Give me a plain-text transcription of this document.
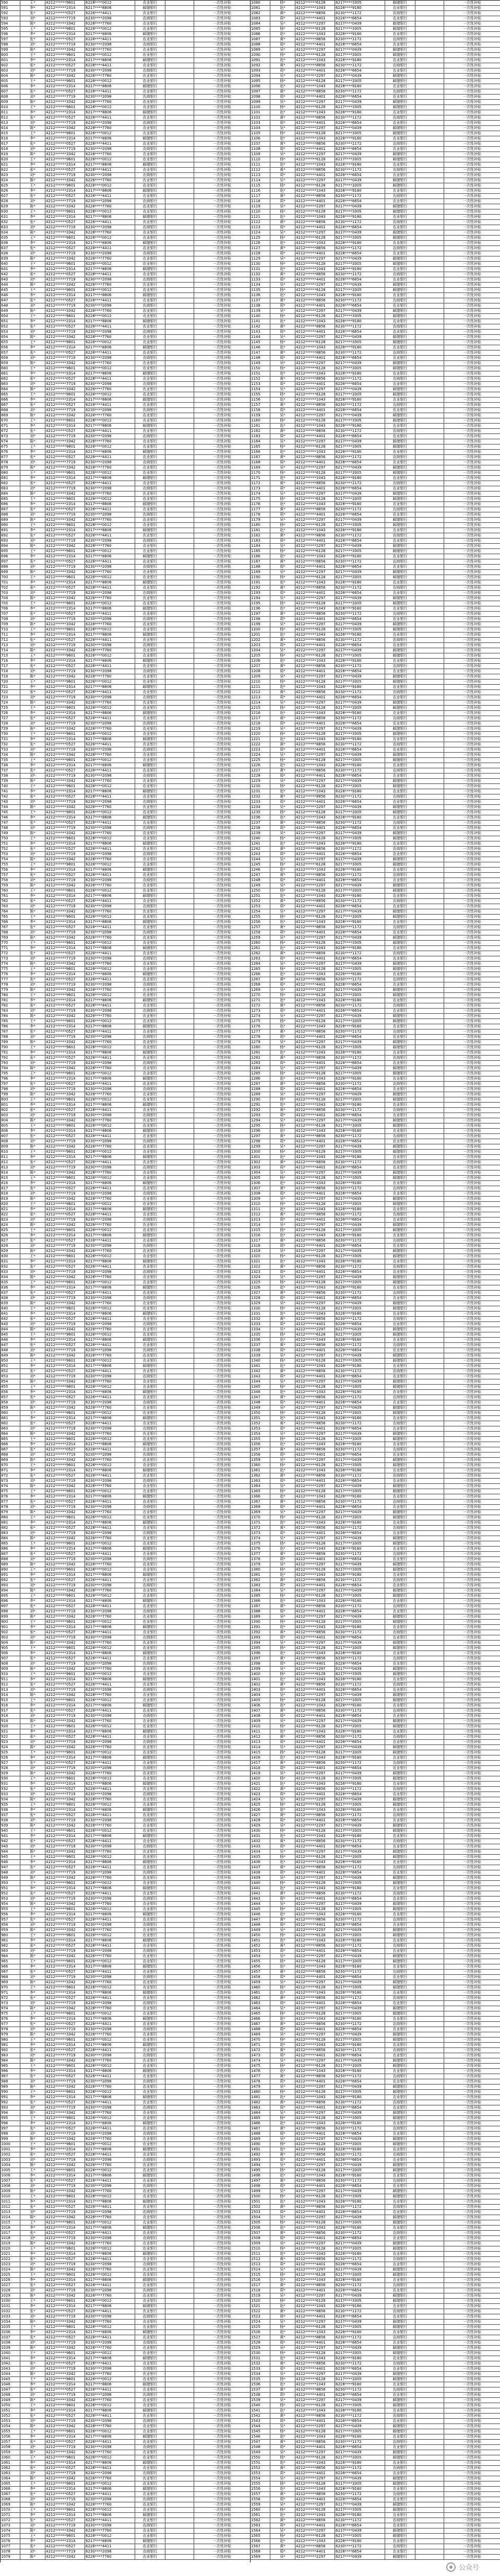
590	王*	4212******9601	6228****0012	农业银行	一次性补贴
591	李*	4212******2314	6217****8806	邮储银行	一次性补贴
592	张*	4212******0527	6228****4411	农业银行	一次性补贴
593	刘*	4212******7719	6230****2098	农商银行	一次性补贴
594	陈*	4212******3342	6228****7760	农业银行	一次性补贴
595	王*	4212******9601	6228****0012	农业银行	一次性补贴
596	李*	4212******2314	6217****8806	邮储银行	一次性补贴
597	张*	4212******0527	6228****4411	农业银行	一次性补贴
598	刘*	4212******7719	6230****2098	农商银行	一次性补贴
599	陈*	4212******3342	6228****7760	农业银行	一次性补贴
600	王*	4212******9601	6228****0012	农业银行	一次性补贴
601	李*	4212******2314	6217****8806	邮储银行	一次性补贴
602	张*	4212******0527	6228****4411	农业银行	一次性补贴
603	刘*	4212******7719	6230****2098	农商银行	一次性补贴
604	陈*	4212******3342	6228****7760	农业银行	一次性补贴
605	王*	4212******9601	6228****0012	农业银行	一次性补贴
606	李*	4212******2314	6217****8806	邮储银行	一次性补贴
607	张*	4212******0527	6228****4411	农业银行	一次性补贴
608	刘*	4212******7719	6230****2098	农商银行	一次性补贴
609	陈*	4212******3342	6228****7760	农业银行	一次性补贴
610	王*	4212******9601	6228****0012	农业银行	一次性补贴
611	李*	4212******2314	6217****8806	邮储银行	一次性补贴
612	张*	4212******0527	6228****4411	农业银行	一次性补贴
613	刘*	4212******7719	6230****2098	农商银行	一次性补贴
614	陈*	4212******3342	6228****7760	农业银行	一次性补贴
615	王*	4212******9601	6228****0012	农业银行	一次性补贴
616	李*	4212******2314	6217****8806	邮储银行	一次性补贴
617	张*	4212******0527	6228****4411	农业银行	一次性补贴
618	刘*	4212******7719	6230****2098	农商银行	一次性补贴
619	陈*	4212******3342	6228****7760	农业银行	一次性补贴
620	王*	4212******9601	6228****0012	农业银行	一次性补贴
621	李*	4212******2314	6217****8806	邮储银行	一次性补贴
622	张*	4212******0527	6228****4411	农业银行	一次性补贴
623	刘*	4212******7719	6230****2098	农商银行	一次性补贴
624	陈*	4212******3342	6228****7760	农业银行	一次性补贴
625	王*	4212******9601	6228****0012	农业银行	一次性补贴
626	李*	4212******2314	6217****8806	邮储银行	一次性补贴
627	张*	4212******0527	6228****4411	农业银行	一次性补贴
628	刘*	4212******7719	6230****2098	农商银行	一次性补贴
629	陈*	4212******3342	6228****7760	农业银行	一次性补贴
630	王*	4212******9601	6228****0012	农业银行	一次性补贴
631	李*	4212******2314	6217****8806	邮储银行	一次性补贴
632	张*	4212******0527	6228****4411	农业银行	一次性补贴
633	刘*	4212******7719	6230****2098	农商银行	一次性补贴
634	陈*	4212******3342	6228****7760	农业银行	一次性补贴
635	王*	4212******9601	6228****0012	农业银行	一次性补贴
636	李*	4212******2314	6217****8806	邮储银行	一次性补贴
637	张*	4212******0527	6228****4411	农业银行	一次性补贴
638	刘*	4212******7719	6230****2098	农商银行	一次性补贴
639	陈*	4212******3342	6228****7760	农业银行	一次性补贴
640	王*	4212******9601	6228****0012	农业银行	一次性补贴
641	李*	4212******2314	6217****8806	邮储银行	一次性补贴
642	张*	4212******0527	6228****4411	农业银行	一次性补贴
643	刘*	4212******7719	6230****2098	农商银行	一次性补贴
644	陈*	4212******3342	6228****7760	农业银行	一次性补贴
645	王*	4212******9601	6228****0012	农业银行	一次性补贴
646	李*	4212******2314	6217****8806	邮储银行	一次性补贴
647	张*	4212******0527	6228****4411	农业银行	一次性补贴
648	刘*	4212******7719	6230****2098	农商银行	一次性补贴
649	陈*	4212******3342	6228****7760	农业银行	一次性补贴
650	王*	4212******9601	6228****0012	农业银行	一次性补贴
651	李*	4212******2314	6217****8806	邮储银行	一次性补贴
652	张*	4212******0527	6228****4411	农业银行	一次性补贴
653	刘*	4212******7719	6230****2098	农商银行	一次性补贴
654	陈*	4212******3342	6228****7760	农业银行	一次性补贴
655	王*	4212******9601	6228****0012	农业银行	一次性补贴
656	李*	4212******2314	6217****8806	邮储银行	一次性补贴
657	张*	4212******0527	6228****4411	农业银行	一次性补贴
658	刘*	4212******7719	6230****2098	农商银行	一次性补贴
659	陈*	4212******3342	6228****7760	农业银行	一次性补贴
660	王*	4212******9601	6228****0012	农业银行	一次性补贴
661	李*	4212******2314	6217****8806	邮储银行	一次性补贴
662	张*	4212******0527	6228****4411	农业银行	一次性补贴
663	刘*	4212******7719	6230****2098	农商银行	一次性补贴
664	陈*	4212******3342	6228****7760	农业银行	一次性补贴
665	王*	4212******9601	6228****0012	农业银行	一次性补贴
666	李*	4212******2314	6217****8806	邮储银行	一次性补贴
667	张*	4212******0527	6228****4411	农业银行	一次性补贴
668	刘*	4212******7719	6230****2098	农商银行	一次性补贴
669	陈*	4212******3342	6228****7760	农业银行	一次性补贴
670	王*	4212******9601	6228****0012	农业银行	一次性补贴
671	李*	4212******2314	6217****8806	邮储银行	一次性补贴
672	张*	4212******0527	6228****4411	农业银行	一次性补贴
673	刘*	4212******7719	6230****2098	农商银行	一次性补贴
674	陈*	4212******3342	6228****7760	农业银行	一次性补贴
675	王*	4212******9601	6228****0012	农业银行	一次性补贴
676	李*	4212******2314	6217****8806	邮储银行	一次性补贴
677	张*	4212******0527	6228****4411	农业银行	一次性补贴
678	刘*	4212******7719	6230****2098	农商银行	一次性补贴
679	陈*	4212******3342	6228****7760	农业银行	一次性补贴
680	王*	4212******9601	6228****0012	农业银行	一次性补贴
681	李*	4212******2314	6217****8806	邮储银行	一次性补贴
682	张*	4212******0527	6228****4411	农业银行	一次性补贴
683	刘*	4212******7719	6230****2098	农商银行	一次性补贴
684	陈*	4212******3342	6228****7760	农业银行	一次性补贴
685	王*	4212******9601	6228****0012	农业银行	一次性补贴
686	李*	4212******2314	6217****8806	邮储银行	一次性补贴
687	张*	4212******0527	6228****4411	农业银行	一次性补贴
688	刘*	4212******7719	6230****2098	农商银行	一次性补贴
689	陈*	4212******3342	6228****7760	农业银行	一次性补贴
690	王*	4212******9601	6228****0012	农业银行	一次性补贴
691	李*	4212******2314	6217****8806	邮储银行	一次性补贴
692	张*	4212******0527	6228****4411	农业银行	一次性补贴
693	刘*	4212******7719	6230****2098	农商银行	一次性补贴
694	陈*	4212******3342	6228****7760	农业银行	一次性补贴
695	王*	4212******9601	6228****0012	农业银行	一次性补贴
696	李*	4212******2314	6217****8806	邮储银行	一次性补贴
697	张*	4212******0527	6228****4411	农业银行	一次性补贴
698	刘*	4212******7719	6230****2098	农商银行	一次性补贴
699	陈*	4212******3342	6228****7760	农业银行	一次性补贴
700	王*	4212******9601	6228****0012	农业银行	一次性补贴
701	李*	4212******2314	6217****8806	邮储银行	一次性补贴
702	张*	4212******0527	6228****4411	农业银行	一次性补贴
703	刘*	4212******7719	6230****2098	农商银行	一次性补贴
704	陈*	4212******3342	6228****7760	农业银行	一次性补贴
705	王*	4212******9601	6228****0012	农业银行	一次性补贴
706	李*	4212******2314	6217****8806	邮储银行	一次性补贴
707	张*	4212******0527	6228****4411	农业银行	一次性补贴
708	刘*	4212******7719	6230****2098	农商银行	一次性补贴
709	陈*	4212******3342	6228****7760	农业银行	一次性补贴
710	王*	4212******9601	6228****0012	农业银行	一次性补贴
711	李*	4212******2314	6217****8806	邮储银行	一次性补贴
712	张*	4212******0527	6228****4411	农业银行	一次性补贴
713	刘*	4212******7719	6230****2098	农商银行	一次性补贴
714	陈*	4212******3342	6228****7760	农业银行	一次性补贴
715	王*	4212******9601	6228****0012	农业银行	一次性补贴
716	李*	4212******2314	6217****8806	邮储银行	一次性补贴
717	张*	4212******0527	6228****4411	农业银行	一次性补贴
718	刘*	4212******7719	6230****2098	农商银行	一次性补贴
719	陈*	4212******3342	6228****7760	农业银行	一次性补贴
720	王*	4212******9601	6228****0012	农业银行	一次性补贴
721	李*	4212******2314	6217****8806	邮储银行	一次性补贴
722	张*	4212******0527	6228****4411	农业银行	一次性补贴
723	刘*	4212******7719	6230****2098	农商银行	一次性补贴
724	陈*	4212******3342	6228****7760	农业银行	一次性补贴
725	王*	4212******9601	6228****0012	农业银行	一次性补贴
726	李*	4212******2314	6217****8806	邮储银行	一次性补贴
727	张*	4212******0527	6228****4411	农业银行	一次性补贴
728	刘*	4212******7719	6230****2098	农商银行	一次性补贴
729	陈*	4212******3342	6228****7760	农业银行	一次性补贴
730	王*	4212******9601	6228****0012	农业银行	一次性补贴
731	李*	4212******2314	6217****8806	邮储银行	一次性补贴
732	张*	4212******0527	6228****4411	农业银行	一次性补贴
733	刘*	4212******7719	6230****2098	农商银行	一次性补贴
734	陈*	4212******3342	6228****7760	农业银行	一次性补贴
735	王*	4212******9601	6228****0012	农业银行	一次性补贴
736	李*	4212******2314	6217****8806	邮储银行	一次性补贴
737	张*	4212******0527	6228****4411	农业银行	一次性补贴
738	刘*	4212******7719	6230****2098	农商银行	一次性补贴
739	陈*	4212******3342	6228****7760	农业银行	一次性补贴
740	王*	4212******9601	6228****0012	农业银行	一次性补贴
741	李*	4212******2314	6217****8806	邮储银行	一次性补贴
742	张*	4212******0527	6228****4411	农业银行	一次性补贴
743	刘*	4212******7719	6230****2098	农商银行	一次性补贴
744	陈*	4212******3342	6228****7760	农业银行	一次性补贴
745	王*	4212******9601	6228****0012	农业银行	一次性补贴
746	李*	4212******2314	6217****8806	邮储银行	一次性补贴
747	张*	4212******0527	6228****4411	农业银行	一次性补贴
748	刘*	4212******7719	6230****2098	农商银行	一次性补贴
749	陈*	4212******3342	6228****7760	农业银行	一次性补贴
750	王*	4212******9601	6228****0012	农业银行	一次性补贴
751	李*	4212******2314	6217****8806	邮储银行	一次性补贴
752	张*	4212******0527	6228****4411	农业银行	一次性补贴
753	刘*	4212******7719	6230****2098	农商银行	一次性补贴
754	陈*	4212******3342	6228****7760	农业银行	一次性补贴
755	王*	4212******9601	6228****0012	农业银行	一次性补贴
756	李*	4212******2314	6217****8806	邮储银行	一次性补贴
757	张*	4212******0527	6228****4411	农业银行	一次性补贴
758	刘*	4212******7719	6230****2098	农商银行	一次性补贴
759	陈*	4212******3342	6228****7760	农业银行	一次性补贴
760	王*	4212******9601	6228****0012	农业银行	一次性补贴
761	李*	4212******2314	6217****8806	邮储银行	一次性补贴
762	张*	4212******0527	6228****4411	农业银行	一次性补贴
763	刘*	4212******7719	6230****2098	农商银行	一次性补贴
764	陈*	4212******3342	6228****7760	农业银行	一次性补贴
765	王*	4212******9601	6228****0012	农业银行	一次性补贴
766	李*	4212******2314	6217****8806	邮储银行	一次性补贴
767	张*	4212******0527	6228****4411	农业银行	一次性补贴
768	刘*	4212******7719	6230****2098	农商银行	一次性补贴
769	陈*	4212******3342	6228****7760	农业银行	一次性补贴
770	王*	4212******9601	6228****0012	农业银行	一次性补贴
771	李*	4212******2314	6217****8806	邮储银行	一次性补贴
772	张*	4212******0527	6228****4411	农业银行	一次性补贴
773	刘*	4212******7719	6230****2098	农商银行	一次性补贴
774	陈*	4212******3342	6228****7760	农业银行	一次性补贴
775	王*	4212******9601	6228****0012	农业银行	一次性补贴
776	李*	4212******2314	6217****8806	邮储银行	一次性补贴
777	张*	4212******0527	6228****4411	农业银行	一次性补贴
778	刘*	4212******7719	6230****2098	农商银行	一次性补贴
779	陈*	4212******3342	6228****7760	农业银行	一次性补贴
780	王*	4212******9601	6228****0012	农业银行	一次性补贴
781	李*	4212******2314	6217****8806	邮储银行	一次性补贴
782	张*	4212******0527	6228****4411	农业银行	一次性补贴
783	刘*	4212******7719	6230****2098	农商银行	一次性补贴
784	陈*	4212******3342	6228****7760	农业银行	一次性补贴
785	王*	4212******9601	6228****0012	农业银行	一次性补贴
786	李*	4212******2314	6217****8806	邮储银行	一次性补贴
787	张*	4212******0527	6228****4411	农业银行	一次性补贴
788	刘*	4212******7719	6230****2098	农商银行	一次性补贴
789	陈*	4212******3342	6228****7760	农业银行	一次性补贴
790	王*	4212******9601	6228****0012	农业银行	一次性补贴
791	李*	4212******2314	6217****8806	邮储银行	一次性补贴
792	张*	4212******0527	6228****4411	农业银行	一次性补贴
793	刘*	4212******7719	6230****2098	农商银行	一次性补贴
794	陈*	4212******3342	6228****7760	农业银行	一次性补贴
795	王*	4212******9601	6228****0012	农业银行	一次性补贴
796	李*	4212******2314	6217****8806	邮储银行	一次性补贴
797	张*	4212******0527	6228****4411	农业银行	一次性补贴
798	刘*	4212******7719	6230****2098	农商银行	一次性补贴
799	陈*	4212******3342	6228****7760	农业银行	一次性补贴
800	王*	4212******9601	6228****0012	农业银行	一次性补贴
801	李*	4212******2314	6217****8806	邮储银行	一次性补贴
802	张*	4212******0527	6228****4411	农业银行	一次性补贴
803	刘*	4212******7719	6230****2098	农商银行	一次性补贴
804	陈*	4212******3342	6228****7760	农业银行	一次性补贴
805	王*	4212******9601	6228****0012	农业银行	一次性补贴
806	李*	4212******2314	6217****8806	邮储银行	一次性补贴
807	张*	4212******0527	6228****4411	农业银行	一次性补贴
808	刘*	4212******7719	6230****2098	农商银行	一次性补贴
809	陈*	4212******3342	6228****7760	农业银行	一次性补贴
810	王*	4212******9601	6228****0012	农业银行	一次性补贴
811	李*	4212******2314	6217****8806	邮储银行	一次性补贴
812	张*	4212******0527	6228****4411	农业银行	一次性补贴
813	刘*	4212******7719	6230****2098	农商银行	一次性补贴
814	陈*	4212******3342	6228****7760	农业银行	一次性补贴
815	王*	4212******9601	6228****0012	农业银行	一次性补贴
816	李*	4212******2314	6217****8806	邮储银行	一次性补贴
817	张*	4212******0527	6228****4411	农业银行	一次性补贴
818	刘*	4212******7719	6230****2098	农商银行	一次性补贴
819	陈*	4212******3342	6228****7760	农业银行	一次性补贴
820	王*	4212******9601	6228****0012	农业银行	一次性补贴
821	李*	4212******2314	6217****8806	邮储银行	一次性补贴
822	张*	4212******0527	6228****4411	农业银行	一次性补贴
823	刘*	4212******7719	6230****2098	农商银行	一次性补贴
824	陈*	4212******3342	6228****7760	农业银行	一次性补贴
825	王*	4212******9601	6228****0012	农业银行	一次性补贴
826	李*	4212******2314	6217****8806	邮储银行	一次性补贴
827	张*	4212******0527	6228****4411	农业银行	一次性补贴
828	刘*	4212******7719	6230****2098	农商银行	一次性补贴
829	陈*	4212******3342	6228****7760	农业银行	一次性补贴
830	王*	4212******9601	6228****0012	农业银行	一次性补贴
831	李*	4212******2314	6217****8806	邮储银行	一次性补贴
832	张*	4212******0527	6228****4411	农业银行	一次性补贴
833	刘*	4212******7719	6230****2098	农商银行	一次性补贴
834	陈*	4212******3342	6228****7760	农业银行	一次性补贴
835	王*	4212******9601	6228****0012	农业银行	一次性补贴
836	李*	4212******2314	6217****8806	邮储银行	一次性补贴
837	张*	4212******0527	6228****4411	农业银行	一次性补贴
838	刘*	4212******7719	6230****2098	农商银行	一次性补贴
839	陈*	4212******3342	6228****7760	农业银行	一次性补贴
840	王*	4212******9601	6228****0012	农业银行	一次性补贴
841	李*	4212******2314	6217****8806	邮储银行	一次性补贴
842	张*	4212******0527	6228****4411	农业银行	一次性补贴
843	刘*	4212******7719	6230****2098	农商银行	一次性补贴
844	陈*	4212******3342	6228****7760	农业银行	一次性补贴
845	王*	4212******9601	6228****0012	农业银行	一次性补贴
846	李*	4212******2314	6217****8806	邮储银行	一次性补贴
847	张*	4212******0527	6228****4411	农业银行	一次性补贴
848	刘*	4212******7719	6230****2098	农商银行	一次性补贴
849	陈*	4212******3342	6228****7760	农业银行	一次性补贴
850	王*	4212******9601	6228****0012	农业银行	一次性补贴
851	李*	4212******2314	6217****8806	邮储银行	一次性补贴
852	张*	4212******0527	6228****4411	农业银行	一次性补贴
853	刘*	4212******7719	6230****2098	农商银行	一次性补贴
854	陈*	4212******3342	6228****7760	农业银行	一次性补贴
855	王*	4212******9601	6228****0012	农业银行	一次性补贴
856	李*	4212******2314	6217****8806	邮储银行	一次性补贴
857	张*	4212******0527	6228****4411	农业银行	一次性补贴
858	刘*	4212******7719	6230****2098	农商银行	一次性补贴
859	陈*	4212******3342	6228****7760	农业银行	一次性补贴
860	王*	4212******9601	6228****0012	农业银行	一次性补贴
861	李*	4212******2314	6217****8806	邮储银行	一次性补贴
862	张*	4212******0527	6228****4411	农业银行	一次性补贴
863	刘*	4212******7719	6230****2098	农商银行	一次性补贴
864	陈*	4212******3342	6228****7760	农业银行	一次性补贴
865	王*	4212******9601	6228****0012	农业银行	一次性补贴
866	李*	4212******2314	6217****8806	邮储银行	一次性补贴
867	张*	4212******0527	6228****4411	农业银行	一次性补贴
868	刘*	4212******7719	6230****2098	农商银行	一次性补贴
869	陈*	4212******3342	6228****7760	农业银行	一次性补贴
870	王*	4212******9601	6228****0012	农业银行	一次性补贴
871	李*	4212******2314	6217****8806	邮储银行	一次性补贴
872	张*	4212******0527	6228****4411	农业银行	一次性补贴
873	刘*	4212******7719	6230****2098	农商银行	一次性补贴
874	陈*	4212******3342	6228****7760	农业银行	一次性补贴
875	王*	4212******9601	6228****0012	农业银行	一次性补贴
876	李*	4212******2314	6217****8806	邮储银行	一次性补贴
877	张*	4212******0527	6228****4411	农业银行	一次性补贴
878	刘*	4212******7719	6230****2098	农商银行	一次性补贴
879	陈*	4212******3342	6228****7760	农业银行	一次性补贴
880	王*	4212******9601	6228****0012	农业银行	一次性补贴
881	李*	4212******2314	6217****8806	邮储银行	一次性补贴
882	张*	4212******0527	6228****4411	农业银行	一次性补贴
883	刘*	4212******7719	6230****2098	农商银行	一次性补贴
884	陈*	4212******3342	6228****7760	农业银行	一次性补贴
885	王*	4212******9601	6228****0012	农业银行	一次性补贴
886	李*	4212******2314	6217****8806	邮储银行	一次性补贴
887	张*	4212******0527	6228****4411	农业银行	一次性补贴
888	刘*	4212******7719	6230****2098	农商银行	一次性补贴
889	陈*	4212******3342	6228****7760	农业银行	一次性补贴
890	王*	4212******9601	6228****0012	农业银行	一次性补贴
891	李*	4212******2314	6217****8806	邮储银行	一次性补贴
892	张*	4212******0527	6228****4411	农业银行	一次性补贴
893	刘*	4212******7719	6230****2098	农商银行	一次性补贴
894	陈*	4212******3342	6228****7760	农业银行	一次性补贴
895	王*	4212******9601	6228****0012	农业银行	一次性补贴
896	李*	4212******2314	6217****8806	邮储银行	一次性补贴
897	张*	4212******0527	6228****4411	农业银行	一次性补贴
898	刘*	4212******7719	6230****2098	农商银行	一次性补贴
899	陈*	4212******3342	6228****7760	农业银行	一次性补贴
900	王*	4212******9601	6228****0012	农业银行	一次性补贴
901	李*	4212******2314	6217****8806	邮储银行	一次性补贴
902	张*	4212******0527	6228****4411	农业银行	一次性补贴
903	刘*	4212******7719	6230****2098	农商银行	一次性补贴
904	陈*	4212******3342	6228****7760	农业银行	一次性补贴
905	王*	4212******9601	6228****0012	农业银行	一次性补贴
906	李*	4212******2314	6217****8806	邮储银行	一次性补贴
907	张*	4212******0527	6228****4411	农业银行	一次性补贴
908	刘*	4212******7719	6230****2098	农商银行	一次性补贴
909	陈*	4212******3342	6228****7760	农业银行	一次性补贴
910	王*	4212******9601	6228****0012	农业银行	一次性补贴
911	李*	4212******2314	6217****8806	邮储银行	一次性补贴
912	张*	4212******0527	6228****4411	农业银行	一次性补贴
913	刘*	4212******7719	6230****2098	农商银行	一次性补贴
914	陈*	4212******3342	6228****7760	农业银行	一次性补贴
915	王*	4212******9601	6228****0012	农业银行	一次性补贴
916	李*	4212******2314	6217****8806	邮储银行	一次性补贴
917	张*	4212******0527	6228****4411	农业银行	一次性补贴
918	刘*	4212******7719	6230****2098	农商银行	一次性补贴
919	陈*	4212******3342	6228****7760	农业银行	一次性补贴
920	王*	4212******9601	6228****0012	农业银行	一次性补贴
921	李*	4212******2314	6217****8806	邮储银行	一次性补贴
922	张*	4212******0527	6228****4411	农业银行	一次性补贴
923	刘*	4212******7719	6230****2098	农商银行	一次性补贴
924	陈*	4212******3342	6228****7760	农业银行	一次性补贴
925	王*	4212******9601	6228****0012	农业银行	一次性补贴
926	李*	4212******2314	6217****8806	邮储银行	一次性补贴
927	张*	4212******0527	6228****4411	农业银行	一次性补贴
928	刘*	4212******7719	6230****2098	农商银行	一次性补贴
929	陈*	4212******3342	6228****7760	农业银行	一次性补贴
930	王*	4212******9601	6228****0012	农业银行	一次性补贴
931	李*	4212******2314	6217****8806	邮储银行	一次性补贴
932	张*	4212******0527	6228****4411	农业银行	一次性补贴
933	刘*	4212******7719	6230****2098	农商银行	一次性补贴
934	陈*	4212******3342	6228****7760	农业银行	一次性补贴
935	王*	4212******9601	6228****0012	农业银行	一次性补贴
936	李*	4212******2314	6217****8806	邮储银行	一次性补贴
937	张*	4212******0527	6228****4411	农业银行	一次性补贴
938	刘*	4212******7719	6230****2098	农商银行	一次性补贴
939	陈*	4212******3342	6228****7760	农业银行	一次性补贴
940	王*	4212******9601	6228****0012	农业银行	一次性补贴
941	李*	4212******2314	6217****8806	邮储银行	一次性补贴
942	张*	4212******0527	6228****4411	农业银行	一次性补贴
943	刘*	4212******7719	6230****2098	农商银行	一次性补贴
944	陈*	4212******3342	6228****7760	农业银行	一次性补贴
945	王*	4212******9601	6228****0012	农业银行	一次性补贴
946	李*	4212******2314	6217****8806	邮储银行	一次性补贴
947	张*	4212******0527	6228****4411	农业银行	一次性补贴
948	刘*	4212******7719	6230****2098	农商银行	一次性补贴
949	陈*	4212******3342	6228****7760	农业银行	一次性补贴
950	王*	4212******9601	6228****0012	农业银行	一次性补贴
951	李*	4212******2314	6217****8806	邮储银行	一次性补贴
952	张*	4212******0527	6228****4411	农业银行	一次性补贴
953	刘*	4212******7719	6230****2098	农商银行	一次性补贴
954	陈*	4212******3342	6228****7760	农业银行	一次性补贴
955	王*	4212******9601	6228****0012	农业银行	一次性补贴
956	李*	4212******2314	6217****8806	邮储银行	一次性补贴
957	张*	4212******0527	6228****4411	农业银行	一次性补贴
958	刘*	4212******7719	6230****2098	农商银行	一次性补贴
959	陈*	4212******3342	6228****7760	农业银行	一次性补贴
960	王*	4212******9601	6228****0012	农业银行	一次性补贴
961	李*	4212******2314	6217****8806	邮储银行	一次性补贴
962	张*	4212******0527	6228****4411	农业银行	一次性补贴
963	刘*	4212******7719	6230****2098	农商银行	一次性补贴
964	陈*	4212******3342	6228****7760	农业银行	一次性补贴
965	王*	4212******9601	6228****0012	农业银行	一次性补贴
966	李*	4212******2314	6217****8806	邮储银行	一次性补贴
967	张*	4212******0527	6228****4411	农业银行	一次性补贴
968	刘*	4212******7719	6230****2098	农商银行	一次性补贴
969	陈*	4212******3342	6228****7760	农业银行	一次性补贴
970	王*	4212******9601	6228****0012	农业银行	一次性补贴
971	李*	4212******2314	6217****8806	邮储银行	一次性补贴
972	张*	4212******0527	6228****4411	农业银行	一次性补贴
973	刘*	4212******7719	6230****2098	农商银行	一次性补贴
974	陈*	4212******3342	6228****7760	农业银行	一次性补贴
975	王*	4212******9601	6228****0012	农业银行	一次性补贴
976	李*	4212******2314	6217****8806	邮储银行	一次性补贴
977	张*	4212******0527	6228****4411	农业银行	一次性补贴
978	刘*	4212******7719	6230****2098	农商银行	一次性补贴
979	陈*	4212******3342	6228****7760	农业银行	一次性补贴
980	王*	4212******9601	6228****0012	农业银行	一次性补贴
981	李*	4212******2314	6217****8806	邮储银行	一次性补贴
982	张*	4212******0527	6228****4411	农业银行	一次性补贴
983	刘*	4212******7719	6230****2098	农商银行	一次性补贴
984	陈*	4212******3342	6228****7760	农业银行	一次性补贴
985	王*	4212******9601	6228****0012	农业银行	一次性补贴
986	李*	4212******2314	6217****8806	邮储银行	一次性补贴
987	张*	4212******0527	6228****4411	农业银行	一次性补贴
988	刘*	4212******7719	6230****2098	农商银行	一次性补贴
989	陈*	4212******3342	6228****7760	农业银行	一次性补贴
990	王*	4212******9601	6228****0012	农业银行	一次性补贴
991	李*	4212******2314	6217****8806	邮储银行	一次性补贴
992	张*	4212******0527	6228****4411	农业银行	一次性补贴
993	刘*	4212******7719	6230****2098	农商银行	一次性补贴
994	陈*	4212******3342	6228****7760	农业银行	一次性补贴
995	王*	4212******9601	6228****0012	农业银行	一次性补贴
996	李*	4212******2314	6217****8806	邮储银行	一次性补贴
997	张*	4212******0527	6228****4411	农业银行	一次性补贴
998	刘*	4212******7719	6230****2098	农商银行	一次性补贴
999	陈*	4212******3342	6228****7760	农业银行	一次性补贴
1000	王*	4212******9601	6228****0012	农业银行	一次性补贴
1001	李*	4212******2314	6217****8806	邮储银行	一次性补贴
1002	张*	4212******0527	6228****4411	农业银行	一次性补贴
1003	刘*	4212******7719	6230****2098	农商银行	一次性补贴
1004	陈*	4212******3342	6228****7760	农业银行	一次性补贴
1005	王*	4212******9601	6228****0012	农业银行	一次性补贴
1006	李*	4212******2314	6217****8806	邮储银行	一次性补贴
1007	张*	4212******0527	6228****4411	农业银行	一次性补贴
1008	刘*	4212******7719	6230****2098	农商银行	一次性补贴
1009	陈*	4212******3342	6228****7760	农业银行	一次性补贴
1010	王*	4212******9601	6228****0012	农业银行	一次性补贴
1011	李*	4212******2314	6217****8806	邮储银行	一次性补贴
1012	张*	4212******0527	6228****4411	农业银行	一次性补贴
1013	刘*	4212******7719	6230****2098	农商银行	一次性补贴
1014	陈*	4212******3342	6228****7760	农业银行	一次性补贴
1015	王*	4212******9601	6228****0012	农业银行	一次性补贴
1016	李*	4212******2314	6217****8806	邮储银行	一次性补贴
1017	张*	4212******0527	6228****4411	农业银行	一次性补贴
1018	刘*	4212******7719	6230****2098	农商银行	一次性补贴
1019	陈*	4212******3342	6228****7760	农业银行	一次性补贴
1020	王*	4212******9601	6228****0012	农业银行	一次性补贴
1021	李*	4212******2314	6217****8806	邮储银行	一次性补贴
1022	张*	4212******0527	6228****4411	农业银行	一次性补贴
1023	刘*	4212******7719	6230****2098	农商银行	一次性补贴
1024	陈*	4212******3342	6228****7760	农业银行	一次性补贴
1025	王*	4212******9601	6228****0012	农业银行	一次性补贴
1026	李*	4212******2314	6217****8806	邮储银行	一次性补贴
1027	张*	4212******0527	6228****4411	农业银行	一次性补贴
1028	刘*	4212******7719	6230****2098	农商银行	一次性补贴
1029	陈*	4212******3342	6228****7760	农业银行	一次性补贴
1030	王*	4212******9601	6228****0012	农业银行	一次性补贴
1031	李*	4212******2314	6217****8806	邮储银行	一次性补贴
1032	张*	4212******0527	6228****4411	农业银行	一次性补贴
1033	刘*	4212******7719	6230****2098	农商银行	一次性补贴
1034	陈*	4212******3342	6228****7760	农业银行	一次性补贴
1035	王*	4212******9601	6228****0012	农业银行	一次性补贴
1036	李*	4212******2314	6217****8806	邮储银行	一次性补贴
1037	张*	4212******0527	6228****4411	农业银行	一次性补贴
1038	刘*	4212******7719	6230****2098	农商银行	一次性补贴
1039	陈*	4212******3342	6228****7760	农业银行	一次性补贴
1040	王*	4212******9601	6228****0012	农业银行	一次性补贴
1041	李*	4212******2314	6217****8806	邮储银行	一次性补贴
1042	张*	4212******0527	6228****4411	农业银行	一次性补贴
1043	刘*	4212******7719	6230****2098	农商银行	一次性补贴
1044	陈*	4212******3342	6228****7760	农业银行	一次性补贴
1045	王*	4212******9601	6228****0012	农业银行	一次性补贴
1046	李*	4212******2314	6217****8806	邮储银行	一次性补贴
1047	张*	4212******0527	6228****4411	农业银行	一次性补贴
1048	刘*	4212******7719	6230****2098	农商银行	一次性补贴
1049	陈*	4212******3342	6228****7760	农业银行	一次性补贴
1050	王*	4212******9601	6228****0012	农业银行	一次性补贴
1051	李*	4212******2314	6217****8806	邮储银行	一次性补贴
1052	张*	4212******0527	6228****4411	农业银行	一次性补贴
1053	刘*	4212******7719	6230****2098	农商银行	一次性补贴
1054	陈*	4212******3342	6228****7760	农业银行	一次性补贴
1055	王*	4212******9601	6228****0012	农业银行	一次性补贴
1056	李*	4212******2314	6217****8806	邮储银行	一次性补贴
1057	张*	4212******0527	6228****4411	农业银行	一次性补贴
1058	刘*	4212******7719	6230****2098	农商银行	一次性补贴
1059	陈*	4212******3342	6228****7760	农业银行	一次性补贴
1060	王*	4212******9601	6228****0012	农业银行	一次性补贴
1061	李*	4212******2314	6217****8806	邮储银行	一次性补贴
1062	张*	4212******0527	6228****4411	农业银行	一次性补贴
1063	刘*	4212******7719	6230****2098	农商银行	一次性补贴
1064	陈*	4212******3342	6228****7760	农业银行	一次性补贴
1065	王*	4212******9601	6228****0012	农业银行	一次性补贴
1066	李*	4212******2314	6217****8806	邮储银行	一次性补贴
1067	张*	4212******0527	6228****4411	农业银行	一次性补贴
1068	刘*	4212******7719	6230****2098	农商银行	一次性补贴
1069	陈*	4212******3342	6228****7760	农业银行	一次性补贴
1070	王*	4212******9601	6228****0012	农业银行	一次性补贴
1071	李*	4212******2314	6217****8806	邮储银行	一次性补贴
1072	张*	4212******0527	6228****4411	农业银行	一次性补贴
1073	刘*	4212******7719	6230****2098	农商银行	一次性补贴
1074	陈*	4212******3342	6228****7760	农业银行	一次性补贴
1075	王*	4212******9601	6228****0012	农业银行	一次性补贴
1076	李*	4212******2314	6217****8806	邮储银行	一次性补贴
1077	张*	4212******0527	6228****4411	农业银行	一次性补贴
1078	刘*	4212******7719	6230****2098	农商银行	一次性补贴
1079	陈*	4212******3342	6228****7760	农业银行	一次性补贴
1080	杨*	4212******6128	6217****3305	邮储银行	一次性补贴
1081	赵*	4212******1043	6228****9180	农业银行	一次性补贴
1082	黄*	4212******8856	6230****1172	农商银行	一次性补贴
1083	周*	4212******4401	6228****6654	农业银行	一次性补贴
1084	吴*	4212******2297	6217****0439	邮储银行	一次性补贴
1085	杨*	4212******6128	6217****3305	邮储银行	一次性补贴
1086	赵*	4212******1043	6228****9180	农业银行	一次性补贴
1087	黄*	4212******8856	6230****1172	农商银行	一次性补贴
1088	周*	4212******4401	6228****6654	农业银行	一次性补贴
1089	吴*	4212******2297	6217****0439	邮储银行	一次性补贴
1090	杨*	4212******6128	6217****3305	邮储银行	一次性补贴
1091	赵*	4212******1043	6228****9180	农业银行	一次性补贴
1092	黄*	4212******8856	6230****1172	农商银行	一次性补贴
1093	周*	4212******4401	6228****6654	农业银行	一次性补贴
1094	吴*	4212******2297	6217****0439	邮储银行	一次性补贴
1095	杨*	4212******6128	6217****3305	邮储银行	一次性补贴
1096	赵*	4212******1043	6228****9180	农业银行	一次性补贴
1097	黄*	4212******8856	6230****1172	农商银行	一次性补贴
1098	周*	4212******4401	6228****6654	农业银行	一次性补贴
1099	吴*	4212******2297	6217****0439	邮储银行	一次性补贴
1100	杨*	4212******6128	6217****3305	邮储银行	一次性补贴
1101	赵*	4212******1043	6228****9180	农业银行	一次性补贴
1102	黄*	4212******8856	6230****1172	农商银行	一次性补贴
1103	周*	4212******4401	6228****6654	农业银行	一次性补贴
1104	吴*	4212******2297	6217****0439	邮储银行	一次性补贴
1105	杨*	4212******6128	6217****3305	邮储银行	一次性补贴
1106	赵*	4212******1043	6228****9180	农业银行	一次性补贴
1107	黄*	4212******8856	6230****1172	农商银行	一次性补贴
1108	周*	4212******4401	6228****6654	农业银行	一次性补贴
1109	吴*	4212******2297	6217****0439	邮储银行	一次性补贴
1110	杨*	4212******6128	6217****3305	邮储银行	一次性补贴
1111	赵*	4212******1043	6228****9180	农业银行	一次性补贴
1112	黄*	4212******8856	6230****1172	农商银行	一次性补贴
1113	周*	4212******4401	6228****6654	农业银行	一次性补贴
1114	吴*	4212******2297	6217****0439	邮储银行	一次性补贴
1115	杨*	4212******6128	6217****3305	邮储银行	一次性补贴
1116	赵*	4212******1043	6228****9180	农业银行	一次性补贴
1117	黄*	4212******8856	6230****1172	农商银行	一次性补贴
1118	周*	4212******4401	6228****6654	农业银行	一次性补贴
1119	吴*	4212******2297	6217****0439	邮储银行	一次性补贴
1120	杨*	4212******6128	6217****3305	邮储银行	一次性补贴
1121	赵*	4212******1043	6228****9180	农业银行	一次性补贴
1122	黄*	4212******8856	6230****1172	农商银行	一次性补贴
1123	周*	4212******4401	6228****6654	农业银行	一次性补贴
1124	吴*	4212******2297	6217****0439	邮储银行	一次性补贴
1125	杨*	4212******6128	6217****3305	邮储银行	一次性补贴
1126	赵*	4212******1043	6228****9180	农业银行	一次性补贴
1127	黄*	4212******8856	6230****1172	农商银行	一次性补贴
1128	周*	4212******4401	6228****6654	农业银行	一次性补贴
1129	吴*	4212******2297	6217****0439	邮储银行	一次性补贴
1130	杨*	4212******6128	6217****3305	邮储银行	一次性补贴
1131	赵*	4212******1043	6228****9180	农业银行	一次性补贴
1132	黄*	4212******8856	6230****1172	农商银行	一次性补贴
1133	周*	4212******4401	6228****6654	农业银行	一次性补贴
1134	吴*	4212******2297	6217****0439	邮储银行	一次性补贴
1135	杨*	4212******6128	6217****3305	邮储银行	一次性补贴
1136	赵*	4212******1043	6228****9180	农业银行	一次性补贴
1137	黄*	4212******8856	6230****1172	农商银行	一次性补贴
1138	周*	4212******4401	6228****6654	农业银行	一次性补贴
1139	吴*	4212******2297	6217****0439	邮储银行	一次性补贴
1140	杨*	4212******6128	6217****3305	邮储银行	一次性补贴
1141	赵*	4212******1043	6228****9180	农业银行	一次性补贴
1142	黄*	4212******8856	6230****1172	农商银行	一次性补贴
1143	周*	4212******4401	6228****6654	农业银行	一次性补贴
1144	吴*	4212******2297	6217****0439	邮储银行	一次性补贴
1145	杨*	4212******6128	6217****3305	邮储银行	一次性补贴
1146	赵*	4212******1043	6228****9180	农业银行	一次性补贴
1147	黄*	4212******8856	6230****1172	农商银行	一次性补贴
1148	周*	4212******4401	6228****6654	农业银行	一次性补贴
1149	吴*	4212******2297	6217****0439	邮储银行	一次性补贴
1150	杨*	4212******6128	6217****3305	邮储银行	一次性补贴
1151	赵*	4212******1043	6228****9180	农业银行	一次性补贴
1152	黄*	4212******8856	6230****1172	农商银行	一次性补贴
1153	周*	4212******4401	6228****6654	农业银行	一次性补贴
1154	吴*	4212******2297	6217****0439	邮储银行	一次性补贴
1155	杨*	4212******6128	6217****3305	邮储银行	一次性补贴
1156	赵*	4212******1043	6228****9180	农业银行	一次性补贴
1157	黄*	4212******8856	6230****1172	农商银行	一次性补贴
1158	周*	4212******4401	6228****6654	农业银行	一次性补贴
1159	吴*	4212******2297	6217****0439	邮储银行	一次性补贴
1160	杨*	4212******6128	6217****3305	邮储银行	一次性补贴
1161	赵*	4212******1043	6228****9180	农业银行	一次性补贴
1162	黄*	4212******8856	6230****1172	农商银行	一次性补贴
1163	周*	4212******4401	6228****6654	农业银行	一次性补贴
1164	吴*	4212******2297	6217****0439	邮储银行	一次性补贴
1165	杨*	4212******6128	6217****3305	邮储银行	一次性补贴
1166	赵*	4212******1043	6228****9180	农业银行	一次性补贴
1167	黄*	4212******8856	6230****1172	农商银行	一次性补贴
1168	周*	4212******4401	6228****6654	农业银行	一次性补贴
1169	吴*	4212******2297	6217****0439	邮储银行	一次性补贴
1170	杨*	4212******6128	6217****3305	邮储银行	一次性补贴
1171	赵*	4212******1043	6228****9180	农业银行	一次性补贴
1172	黄*	4212******8856	6230****1172	农商银行	一次性补贴
1173	周*	4212******4401	6228****6654	农业银行	一次性补贴
1174	吴*	4212******2297	6217****0439	邮储银行	一次性补贴
1175	杨*	4212******6128	6217****3305	邮储银行	一次性补贴
1176	赵*	4212******1043	6228****9180	农业银行	一次性补贴
1177	黄*	4212******8856	6230****1172	农商银行	一次性补贴
1178	周*	4212******4401	6228****6654	农业银行	一次性补贴
1179	吴*	4212******2297	6217****0439	邮储银行	一次性补贴
1180	杨*	4212******6128	6217****3305	邮储银行	一次性补贴
1181	赵*	4212******1043	6228****9180	农业银行	一次性补贴
1182	黄*	4212******8856	6230****1172	农商银行	一次性补贴
1183	周*	4212******4401	6228****6654	农业银行	一次性补贴
1184	吴*	4212******2297	6217****0439	邮储银行	一次性补贴
1185	杨*	4212******6128	6217****3305	邮储银行	一次性补贴
1186	赵*	4212******1043	6228****9180	农业银行	一次性补贴
1187	黄*	4212******8856	6230****1172	农商银行	一次性补贴
1188	周*	4212******4401	6228****6654	农业银行	一次性补贴
1189	吴*	4212******2297	6217****0439	邮储银行	一次性补贴
1190	杨*	4212******6128	6217****3305	邮储银行	一次性补贴
1191	赵*	4212******1043	6228****9180	农业银行	一次性补贴
1192	黄*	4212******8856	6230****1172	农商银行	一次性补贴
1193	周*	4212******4401	6228****6654	农业银行	一次性补贴
1194	吴*	4212******2297	6217****0439	邮储银行	一次性补贴
1195	杨*	4212******6128	6217****3305	邮储银行	一次性补贴
1196	赵*	4212******1043	6228****9180	农业银行	一次性补贴
1197	黄*	4212******8856	6230****1172	农商银行	一次性补贴
1198	周*	4212******4401	6228****6654	农业银行	一次性补贴
1199	吴*	4212******2297	6217****0439	邮储银行	一次性补贴
1200	杨*	4212******6128	6217****3305	邮储银行	一次性补贴
1201	赵*	4212******1043	6228****9180	农业银行	一次性补贴
1202	黄*	4212******8856	6230****1172	农商银行	一次性补贴
1203	周*	4212******4401	6228****6654	农业银行	一次性补贴
1204	吴*	4212******2297	6217****0439	邮储银行	一次性补贴
1205	杨*	4212******6128	6217****3305	邮储银行	一次性补贴
1206	赵*	4212******1043	6228****9180	农业银行	一次性补贴
1207	黄*	4212******8856	6230****1172	农商银行	一次性补贴
1208	周*	4212******4401	6228****6654	农业银行	一次性补贴
1209	吴*	4212******2297	6217****0439	邮储银行	一次性补贴
1210	杨*	4212******6128	6217****3305	邮储银行	一次性补贴
1211	赵*	4212******1043	6228****9180	农业银行	一次性补贴
1212	黄*	4212******8856	6230****1172	农商银行	一次性补贴
1213	周*	4212******4401	6228****6654	农业银行	一次性补贴
1214	吴*	4212******2297	6217****0439	邮储银行	一次性补贴
1215	杨*	4212******6128	6217****3305	邮储银行	一次性补贴
1216	赵*	4212******1043	6228****9180	农业银行	一次性补贴
1217	黄*	4212******8856	6230****1172	农商银行	一次性补贴
1218	周*	4212******4401	6228****6654	农业银行	一次性补贴
1219	吴*	4212******2297	6217****0439	邮储银行	一次性补贴
1220	杨*	4212******6128	6217****3305	邮储银行	一次性补贴
1221	赵*	4212******1043	6228****9180	农业银行	一次性补贴
1222	黄*	4212******8856	6230****1172	农商银行	一次性补贴
1223	周*	4212******4401	6228****6654	农业银行	一次性补贴
1224	吴*	4212******2297	6217****0439	邮储银行	一次性补贴
1225	杨*	4212******6128	6217****3305	邮储银行	一次性补贴
1226	赵*	4212******1043	6228****9180	农业银行	一次性补贴
1227	黄*	4212******8856	6230****1172	农商银行	一次性补贴
1228	周*	4212******4401	6228****6654	农业银行	一次性补贴
1229	吴*	4212******2297	6217****0439	邮储银行	一次性补贴
1230	杨*	4212******6128	6217****3305	邮储银行	一次性补贴
1231	赵*	4212******1043	6228****9180	农业银行	一次性补贴
1232	黄*	4212******8856	6230****1172	农商银行	一次性补贴
1233	周*	4212******4401	6228****6654	农业银行	一次性补贴
1234	吴*	4212******2297	6217****0439	邮储银行	一次性补贴
1235	杨*	4212******6128	6217****3305	邮储银行	一次性补贴
1236	赵*	4212******1043	6228****9180	农业银行	一次性补贴
1237	黄*	4212******8856	6230****1172	农商银行	一次性补贴
1238	周*	4212******4401	6228****6654	农业银行	一次性补贴
1239	吴*	4212******2297	6217****0439	邮储银行	一次性补贴
1240	杨*	4212******6128	6217****3305	邮储银行	一次性补贴
1241	赵*	4212******1043	6228****9180	农业银行	一次性补贴
1242	黄*	4212******8856	6230****1172	农商银行	一次性补贴
1243	周*	4212******4401	6228****6654	农业银行	一次性补贴
1244	吴*	4212******2297	6217****0439	邮储银行	一次性补贴
1245	杨*	4212******6128	6217****3305	邮储银行	一次性补贴
1246	赵*	4212******1043	6228****9180	农业银行	一次性补贴
1247	黄*	4212******8856	6230****1172	农商银行	一次性补贴
1248	周*	4212******4401	6228****6654	农业银行	一次性补贴
1249	吴*	4212******2297	6217****0439	邮储银行	一次性补贴
1250	杨*	4212******6128	6217****3305	邮储银行	一次性补贴
1251	赵*	4212******1043	6228****9180	农业银行	一次性补贴
1252	黄*	4212******8856	6230****1172	农商银行	一次性补贴
1253	周*	4212******4401	6228****6654	农业银行	一次性补贴
1254	吴*	4212******2297	6217****0439	邮储银行	一次性补贴
1255	杨*	4212******6128	6217****3305	邮储银行	一次性补贴
1256	赵*	4212******1043	6228****9180	农业银行	一次性补贴
1257	黄*	4212******8856	6230****1172	农商银行	一次性补贴
1258	周*	4212******4401	6228****6654	农业银行	一次性补贴
1259	吴*	4212******2297	6217****0439	邮储银行	一次性补贴
1260	杨*	4212******6128	6217****3305	邮储银行	一次性补贴
1261	赵*	4212******1043	6228****9180	农业银行	一次性补贴
1262	黄*	4212******8856	6230****1172	农商银行	一次性补贴
1263	周*	4212******4401	6228****6654	农业银行	一次性补贴
1264	吴*	4212******2297	6217****0439	邮储银行	一次性补贴
1265	杨*	4212******6128	6217****3305	邮储银行	一次性补贴
1266	赵*	4212******1043	6228****9180	农业银行	一次性补贴
1267	黄*	4212******8856	6230****1172	农商银行	一次性补贴
1268	周*	4212******4401	6228****6654	农业银行	一次性补贴
1269	吴*	4212******2297	6217****0439	邮储银行	一次性补贴
1270	杨*	4212******6128	6217****3305	邮储银行	一次性补贴
1271	赵*	4212******1043	6228****9180	农业银行	一次性补贴
1272	黄*	4212******8856	6230****1172	农商银行	一次性补贴
1273	周*	4212******4401	6228****6654	农业银行	一次性补贴
1274	吴*	4212******2297	6217****0439	邮储银行	一次性补贴
1275	杨*	4212******6128	6217****3305	邮储银行	一次性补贴
1276	赵*	4212******1043	6228****9180	农业银行	一次性补贴
1277	黄*	4212******8856	6230****1172	农商银行	一次性补贴
1278	周*	4212******4401	6228****6654	农业银行	一次性补贴
1279	吴*	4212******2297	6217****0439	邮储银行	一次性补贴
1280	杨*	4212******6128	6217****3305	邮储银行	一次性补贴
1281	赵*	4212******1043	6228****9180	农业银行	一次性补贴
1282	黄*	4212******8856	6230****1172	农商银行	一次性补贴
1283	周*	4212******4401	6228****6654	农业银行	一次性补贴
1284	吴*	4212******2297	6217****0439	邮储银行	一次性补贴
1285	杨*	4212******6128	6217****3305	邮储银行	一次性补贴
1286	赵*	4212******1043	6228****9180	农业银行	一次性补贴
1287	黄*	4212******8856	6230****1172	农商银行	一次性补贴
1288	周*	4212******4401	6228****6654	农业银行	一次性补贴
1289	吴*	4212******2297	6217****0439	邮储银行	一次性补贴
1290	杨*	4212******6128	6217****3305	邮储银行	一次性补贴
1291	赵*	4212******1043	6228****9180	农业银行	一次性补贴
1292	黄*	4212******8856	6230****1172	农商银行	一次性补贴
1293	周*	4212******4401	6228****6654	农业银行	一次性补贴
1294	吴*	4212******2297	6217****0439	邮储银行	一次性补贴
1295	杨*	4212******6128	6217****3305	邮储银行	一次性补贴
1296	赵*	4212******1043	6228****9180	农业银行	一次性补贴
1297	黄*	4212******8856	6230****1172	农商银行	一次性补贴
1298	周*	4212******4401	6228****6654	农业银行	一次性补贴
1299	吴*	4212******2297	6217****0439	邮储银行	一次性补贴
1300	杨*	4212******6128	6217****3305	邮储银行	一次性补贴
1301	赵*	4212******1043	6228****9180	农业银行	一次性补贴
1302	黄*	4212******8856	6230****1172	农商银行	一次性补贴
1303	周*	4212******4401	6228****6654	农业银行	一次性补贴
1304	吴*	4212******2297	6217****0439	邮储银行	一次性补贴
1305	杨*	4212******6128	6217****3305	邮储银行	一次性补贴
1306	赵*	4212******1043	6228****9180	农业银行	一次性补贴
1307	黄*	4212******8856	6230****1172	农商银行	一次性补贴
1308	周*	4212******4401	6228****6654	农业银行	一次性补贴
1309	吴*	4212******2297	6217****0439	邮储银行	一次性补贴
1310	杨*	4212******6128	6217****3305	邮储银行	一次性补贴
1311	赵*	4212******1043	6228****9180	农业银行	一次性补贴
1312	黄*	4212******8856	6230****1172	农商银行	一次性补贴
1313	周*	4212******4401	6228****6654	农业银行	一次性补贴
1314	吴*	4212******2297	6217****0439	邮储银行	一次性补贴
1315	杨*	4212******6128	6217****3305	邮储银行	一次性补贴
1316	赵*	4212******1043	6228****9180	农业银行	一次性补贴
1317	黄*	4212******8856	6230****1172	农商银行	一次性补贴
1318	周*	4212******4401	6228****6654	农业银行	一次性补贴
1319	吴*	4212******2297	6217****0439	邮储银行	一次性补贴
1320	杨*	4212******6128	6217****3305	邮储银行	一次性补贴
1321	赵*	4212******1043	6228****9180	农业银行	一次性补贴
1322	黄*	4212******8856	6230****1172	农商银行	一次性补贴
1323	周*	4212******4401	6228****6654	农业银行	一次性补贴
1324	吴*	4212******2297	6217****0439	邮储银行	一次性补贴
1325	杨*	4212******6128	6217****3305	邮储银行	一次性补贴
1326	赵*	4212******1043	6228****9180	农业银行	一次性补贴
1327	黄*	4212******8856	6230****1172	农商银行	一次性补贴
1328	周*	4212******4401	6228****6654	农业银行	一次性补贴
1329	吴*	4212******2297	6217****0439	邮储银行	一次性补贴
1330	杨*	4212******6128	6217****3305	邮储银行	一次性补贴
1331	赵*	4212******1043	6228****9180	农业银行	一次性补贴
1332	黄*	4212******8856	6230****1172	农商银行	一次性补贴
1333	周*	4212******4401	6228****6654	农业银行	一次性补贴
1334	吴*	4212******2297	6217****0439	邮储银行	一次性补贴
1335	杨*	4212******6128	6217****3305	邮储银行	一次性补贴
1336	赵*	4212******1043	6228****9180	农业银行	一次性补贴
1337	黄*	4212******8856	6230****1172	农商银行	一次性补贴
1338	周*	4212******4401	6228****6654	农业银行	一次性补贴
1339	吴*	4212******2297	6217****0439	邮储银行	一次性补贴
1340	杨*	4212******6128	6217****3305	邮储银行	一次性补贴
1341	赵*	4212******1043	6228****9180	农业银行	一次性补贴
1342	黄*	4212******8856	6230****1172	农商银行	一次性补贴
1343	周*	4212******4401	6228****6654	农业银行	一次性补贴
1344	吴*	4212******2297	6217****0439	邮储银行	一次性补贴
1345	杨*	4212******6128	6217****3305	邮储银行	一次性补贴
1346	赵*	4212******1043	6228****9180	农业银行	一次性补贴
1347	黄*	4212******8856	6230****1172	农商银行	一次性补贴
1348	周*	4212******4401	6228****6654	农业银行	一次性补贴
1349	吴*	4212******2297	6217****0439	邮储银行	一次性补贴
1350	杨*	4212******6128	6217****3305	邮储银行	一次性补贴
1351	赵*	4212******1043	6228****9180	农业银行	一次性补贴
1352	黄*	4212******8856	6230****1172	农商银行	一次性补贴
1353	周*	4212******4401	6228****6654	农业银行	一次性补贴
1354	吴*	4212******2297	6217****0439	邮储银行	一次性补贴
1355	杨*	4212******6128	6217****3305	邮储银行	一次性补贴
1356	赵*	4212******1043	6228****9180	农业银行	一次性补贴
1357	黄*	4212******8856	6230****1172	农商银行	一次性补贴
1358	周*	4212******4401	6228****6654	农业银行	一次性补贴
1359	吴*	4212******2297	6217****0439	邮储银行	一次性补贴
1360	杨*	4212******6128	6217****3305	邮储银行	一次性补贴
1361	赵*	4212******1043	6228****9180	农业银行	一次性补贴
1362	黄*	4212******8856	6230****1172	农商银行	一次性补贴
1363	周*	4212******4401	6228****6654	农业银行	一次性补贴
1364	吴*	4212******2297	6217****0439	邮储银行	一次性补贴
1365	杨*	4212******6128	6217****3305	邮储银行	一次性补贴
1366	赵*	4212******1043	6228****9180	农业银行	一次性补贴
1367	黄*	4212******8856	6230****1172	农商银行	一次性补贴
1368	周*	4212******4401	6228****6654	农业银行	一次性补贴
1369	吴*	4212******2297	6217****0439	邮储银行	一次性补贴
1370	杨*	4212******6128	6217****3305	邮储银行	一次性补贴
1371	赵*	4212******1043	6228****9180	农业银行	一次性补贴
1372	黄*	4212******8856	6230****1172	农商银行	一次性补贴
1373	周*	4212******4401	6228****6654	农业银行	一次性补贴
1374	吴*	4212******2297	6217****0439	邮储银行	一次性补贴
1375	杨*	4212******6128	6217****3305	邮储银行	一次性补贴
1376	赵*	4212******1043	6228****9180	农业银行	一次性补贴
1377	黄*	4212******8856	6230****1172	农商银行	一次性补贴
1378	周*	4212******4401	6228****6654	农业银行	一次性补贴
1379	吴*	4212******2297	6217****0439	邮储银行	一次性补贴
1380	杨*	4212******6128	6217****3305	邮储银行	一次性补贴
1381	赵*	4212******1043	6228****9180	农业银行	一次性补贴
1382	黄*	4212******8856	6230****1172	农商银行	一次性补贴
1383	周*	4212******4401	6228****6654	农业银行	一次性补贴
1384	吴*	4212******2297	6217****0439	邮储银行	一次性补贴
1385	杨*	4212******6128	6217****3305	邮储银行	一次性补贴
1386	赵*	4212******1043	6228****9180	农业银行	一次性补贴
1387	黄*	4212******8856	6230****1172	农商银行	一次性补贴
1388	周*	4212******4401	6228****6654	农业银行	一次性补贴
1389	吴*	4212******2297	6217****0439	邮储银行	一次性补贴
1390	杨*	4212******6128	6217****3305	邮储银行	一次性补贴
1391	赵*	4212******1043	6228****9180	农业银行	一次性补贴
1392	黄*	4212******8856	6230****1172	农商银行	一次性补贴
1393	周*	4212******4401	6228****6654	农业银行	一次性补贴
1394	吴*	4212******2297	6217****0439	邮储银行	一次性补贴
1395	杨*	4212******6128	6217****3305	邮储银行	一次性补贴
1396	赵*	4212******1043	6228****9180	农业银行	一次性补贴
1397	黄*	4212******8856	6230****1172	农商银行	一次性补贴
1398	周*	4212******4401	6228****6654	农业银行	一次性补贴
1399	吴*	4212******2297	6217****0439	邮储银行	一次性补贴
1400	杨*	4212******6128	6217****3305	邮储银行	一次性补贴
1401	赵*	4212******1043	6228****9180	农业银行	一次性补贴
1402	黄*	4212******8856	6230****1172	农商银行	一次性补贴
1403	周*	4212******4401	6228****6654	农业银行	一次性补贴
1404	吴*	4212******2297	6217****0439	邮储银行	一次性补贴
1405	杨*	4212******6128	6217****3305	邮储银行	一次性补贴
1406	赵*	4212******1043	6228****9180	农业银行	一次性补贴
1407	黄*	4212******8856	6230****1172	农商银行	一次性补贴
1408	周*	4212******4401	6228****6654	农业银行	一次性补贴
1409	吴*	4212******2297	6217****0439	邮储银行	一次性补贴
1410	杨*	4212******6128	6217****3305	邮储银行	一次性补贴
1411	赵*	4212******1043	6228****9180	农业银行	一次性补贴
1412	黄*	4212******8856	6230****1172	农商银行	一次性补贴
1413	周*	4212******4401	6228****6654	农业银行	一次性补贴
1414	吴*	4212******2297	6217****0439	邮储银行	一次性补贴
1415	杨*	4212******6128	6217****3305	邮储银行	一次性补贴
1416	赵*	4212******1043	6228****9180	农业银行	一次性补贴
1417	黄*	4212******8856	6230****1172	农商银行	一次性补贴
1418	周*	4212******4401	6228****6654	农业银行	一次性补贴
1419	吴*	4212******2297	6217****0439	邮储银行	一次性补贴
1420	杨*	4212******6128	6217****3305	邮储银行	一次性补贴
1421	赵*	4212******1043	6228****9180	农业银行	一次性补贴
1422	黄*	4212******8856	6230****1172	农商银行	一次性补贴
1423	周*	4212******4401	6228****6654	农业银行	一次性补贴
1424	吴*	4212******2297	6217****0439	邮储银行	一次性补贴
1425	杨*	4212******6128	6217****3305	邮储银行	一次性补贴
1426	赵*	4212******1043	6228****9180	农业银行	一次性补贴
1427	黄*	4212******8856	6230****1172	农商银行	一次性补贴
1428	周*	4212******4401	6228****6654	农业银行	一次性补贴
1429	吴*	4212******2297	6217****0439	邮储银行	一次性补贴
1430	杨*	4212******6128	6217****3305	邮储银行	一次性补贴
1431	赵*	4212******1043	6228****9180	农业银行	一次性补贴
1432	黄*	4212******8856	6230****1172	农商银行	一次性补贴
1433	周*	4212******4401	6228****6654	农业银行	一次性补贴
1434	吴*	4212******2297	6217****0439	邮储银行	一次性补贴
1435	杨*	4212******6128	6217****3305	邮储银行	一次性补贴
1436	赵*	4212******1043	6228****9180	农业银行	一次性补贴
1437	黄*	4212******8856	6230****1172	农商银行	一次性补贴
1438	周*	4212******4401	6228****6654	农业银行	一次性补贴
1439	吴*	4212******2297	6217****0439	邮储银行	一次性补贴
1440	杨*	4212******6128	6217****3305	邮储银行	一次性补贴
1441	赵*	4212******1043	6228****9180	农业银行	一次性补贴
1442	黄*	4212******8856	6230****1172	农商银行	一次性补贴
1443	周*	4212******4401	6228****6654	农业银行	一次性补贴
1444	吴*	4212******2297	6217****0439	邮储银行	一次性补贴
1445	杨*	4212******6128	6217****3305	邮储银行	一次性补贴
1446	赵*	4212******1043	6228****9180	农业银行	一次性补贴
1447	黄*	4212******8856	6230****1172	农商银行	一次性补贴
1448	周*	4212******4401	6228****6654	农业银行	一次性补贴
1449	吴*	4212******2297	6217****0439	邮储银行	一次性补贴
1450	杨*	4212******6128	6217****3305	邮储银行	一次性补贴
1451	赵*	4212******1043	6228****9180	农业银行	一次性补贴
1452	黄*	4212******8856	6230****1172	农商银行	一次性补贴
1453	周*	4212******4401	6228****6654	农业银行	一次性补贴
1454	吴*	4212******2297	6217****0439	邮储银行	一次性补贴
1455	杨*	4212******6128	6217****3305	邮储银行	一次性补贴
1456	赵*	4212******1043	6228****9180	农业银行	一次性补贴
1457	黄*	4212******8856	6230****1172	农商银行	一次性补贴
1458	周*	4212******4401	6228****6654	农业银行	一次性补贴
1459	吴*	4212******2297	6217****0439	邮储银行	一次性补贴
1460	杨*	4212******6128	6217****3305	邮储银行	一次性补贴
1461	赵*	4212******1043	6228****9180	农业银行	一次性补贴
1462	黄*	4212******8856	6230****1172	农商银行	一次性补贴
1463	周*	4212******4401	6228****6654	农业银行	一次性补贴
1464	吴*	4212******2297	6217****0439	邮储银行	一次性补贴
1465	杨*	4212******6128	6217****3305	邮储银行	一次性补贴
1466	赵*	4212******1043	6228****9180	农业银行	一次性补贴
1467	黄*	4212******8856	6230****1172	农商银行	一次性补贴
1468	周*	4212******4401	6228****6654	农业银行	一次性补贴
1469	吴*	4212******2297	6217****0439	邮储银行	一次性补贴
1470	杨*	4212******6128	6217****3305	邮储银行	一次性补贴
1471	赵*	4212******1043	6228****9180	农业银行	一次性补贴
1472	黄*	4212******8856	6230****1172	农商银行	一次性补贴
1473	周*	4212******4401	6228****6654	农业银行	一次性补贴
1474	吴*	4212******2297	6217****0439	邮储银行	一次性补贴
1475	杨*	4212******6128	6217****3305	邮储银行	一次性补贴
1476	赵*	4212******1043	6228****9180	农业银行	一次性补贴
1477	黄*	4212******8856	6230****1172	农商银行	一次性补贴
1478	周*	4212******4401	6228****6654	农业银行	一次性补贴
1479	吴*	4212******2297	6217****0439	邮储银行	一次性补贴
1480	杨*	4212******6128	6217****3305	邮储银行	一次性补贴
1481	赵*	4212******1043	6228****9180	农业银行	一次性补贴
1482	黄*	4212******8856	6230****1172	农商银行	一次性补贴
1483	周*	4212******4401	6228****6654	农业银行	一次性补贴
1484	吴*	4212******2297	6217****0439	邮储银行	一次性补贴
1485	杨*	4212******6128	6217****3305	邮储银行	一次性补贴
1486	赵*	4212******1043	6228****9180	农业银行	一次性补贴
1487	黄*	4212******8856	6230****1172	农商银行	一次性补贴
1488	周*	4212******4401	6228****6654	农业银行	一次性补贴
1489	吴*	4212******2297	6217****0439	邮储银行	一次性补贴
1490	杨*	4212******6128	6217****3305	邮储银行	一次性补贴
1491	赵*	4212******1043	6228****9180	农业银行	一次性补贴
1492	黄*	4212******8856	6230****1172	农商银行	一次性补贴
1493	周*	4212******4401	6228****6654	农业银行	一次性补贴
1494	吴*	4212******2297	6217****0439	邮储银行	一次性补贴
1495	杨*	4212******6128	6217****3305	邮储银行	一次性补贴
1496	赵*	4212******1043	6228****9180	农业银行	一次性补贴
1497	黄*	4212******8856	6230****1172	农商银行	一次性补贴
1498	周*	4212******4401	6228****6654	农业银行	一次性补贴
1499	吴*	4212******2297	6217****0439	邮储银行	一次性补贴
1500	杨*	4212******6128	6217****3305	邮储银行	一次性补贴
1501	赵*	4212******1043	6228****9180	农业银行	一次性补贴
1502	黄*	4212******8856	6230****1172	农商银行	一次性补贴
1503	周*	4212******4401	6228****6654	农业银行	一次性补贴
1504	吴*	4212******2297	6217****0439	邮储银行	一次性补贴
1505	杨*	4212******6128	6217****3305	邮储银行	一次性补贴
1506	赵*	4212******1043	6228****9180	农业银行	一次性补贴
1507	黄*	4212******8856	6230****1172	农商银行	一次性补贴
1508	周*	4212******4401	6228****6654	农业银行	一次性补贴
1509	吴*	4212******2297	6217****0439	邮储银行	一次性补贴
1510	杨*	4212******6128	6217****3305	邮储银行	一次性补贴
1511	赵*	4212******1043	6228****9180	农业银行	一次性补贴
1512	黄*	4212******8856	6230****1172	农商银行	一次性补贴
1513	周*	4212******4401	6228****6654	农业银行	一次性补贴
1514	吴*	4212******2297	6217****0439	邮储银行	一次性补贴
1515	杨*	4212******6128	6217****3305	邮储银行	一次性补贴
1516	赵*	4212******1043	6228****9180	农业银行	一次性补贴
1517	黄*	4212******8856	6230****1172	农商银行	一次性补贴
1518	周*	4212******4401	6228****6654	农业银行	一次性补贴
1519	吴*	4212******2297	6217****0439	邮储银行	一次性补贴
1520	杨*	4212******6128	6217****3305	邮储银行	一次性补贴
1521	赵*	4212******1043	6228****9180	农业银行	一次性补贴
1522	黄*	4212******8856	6230****1172	农商银行	一次性补贴
1523	周*	4212******4401	6228****6654	农业银行	一次性补贴
1524	吴*	4212******2297	6217****0439	邮储银行	一次性补贴
1525	杨*	4212******6128	6217****3305	邮储银行	一次性补贴
1526	赵*	4212******1043	6228****9180	农业银行	一次性补贴
1527	黄*	4212******8856	6230****1172	农商银行	一次性补贴
1528	周*	4212******4401	6228****6654	农业银行	一次性补贴
1529	吴*	4212******2297	6217****0439	邮储银行	一次性补贴
1530	杨*	4212******6128	6217****3305	邮储银行	一次性补贴
1531	赵*	4212******1043	6228****9180	农业银行	一次性补贴
1532	黄*	4212******8856	6230****1172	农商银行	一次性补贴
1533	周*	4212******4401	6228****6654	农业银行	一次性补贴
1534	吴*	4212******2297	6217****0439	邮储银行	一次性补贴
1535	杨*	4212******6128	6217****3305	邮储银行	一次性补贴
1536	赵*	4212******1043	6228****9180	农业银行	一次性补贴
1537	黄*	4212******8856	6230****1172	农商银行	一次性补贴
1538	周*	4212******4401	6228****6654	农业银行	一次性补贴
1539	吴*	4212******2297	6217****0439	邮储银行	一次性补贴
1540	杨*	4212******6128	6217****3305	邮储银行	一次性补贴
1541	赵*	4212******1043	6228****9180	农业银行	一次性补贴
1542	黄*	4212******8856	6230****1172	农商银行	一次性补贴
1543	周*	4212******4401	6228****6654	农业银行	一次性补贴
1544	吴*	4212******2297	6217****0439	邮储银行	一次性补贴
1545	杨*	4212******6128	6217****3305	邮储银行	一次性补贴
1546	赵*	4212******1043	6228****9180	农业银行	一次性补贴
1547	黄*	4212******8856	6230****1172	农商银行	一次性补贴
1548	周*	4212******4401	6228****6654	农业银行	一次性补贴
1549	吴*	4212******2297	6217****0439	邮储银行	一次性补贴
1550	杨*	4212******6128	6217****3305	邮储银行	一次性补贴
1551	赵*	4212******1043	6228****9180	农业银行	一次性补贴
1552	黄*	4212******8856	6230****1172	农商银行	一次性补贴
1553	周*	4212******4401	6228****6654	农业银行	一次性补贴
1554	吴*	4212******2297	6217****0439	邮储银行	一次性补贴
1555	杨*	4212******6128	6217****3305	邮储银行	一次性补贴
1556	赵*	4212******1043	6228****9180	农业银行	一次性补贴
1557	黄*	4212******8856	6230****1172	农商银行	一次性补贴
1558	周*	4212******4401	6228****6654	农业银行	一次性补贴
1559	吴*	4212******2297	6217****0439	邮储银行	一次性补贴
1560	杨*	4212******6128	6217****3305	邮储银行	一次性补贴
1561	赵*	4212******1043	6228****9180	农业银行	一次性补贴
1562	黄*	4212******8856	6230****1172	农商银行	一次性补贴
1563	周*	4212******4401	6228****6654	农业银行	一次性补贴
1564	吴*	4212******2297	6217****0439	邮储银行	一次性补贴
1565	杨*	4212******6128	6217****3305	邮储银行	一次性补贴
1566	赵*	4212******1043	6228****9180	农业银行	一次性补贴
1567	黄*	4212******8856	6230****1172	农商银行	一次性补贴
1568	周*	4212******4401	6228****6654	农业银行	一次性补贴
1569	吴*	4212******2297	6217****0439	邮储银行	一次性补贴
公众号
